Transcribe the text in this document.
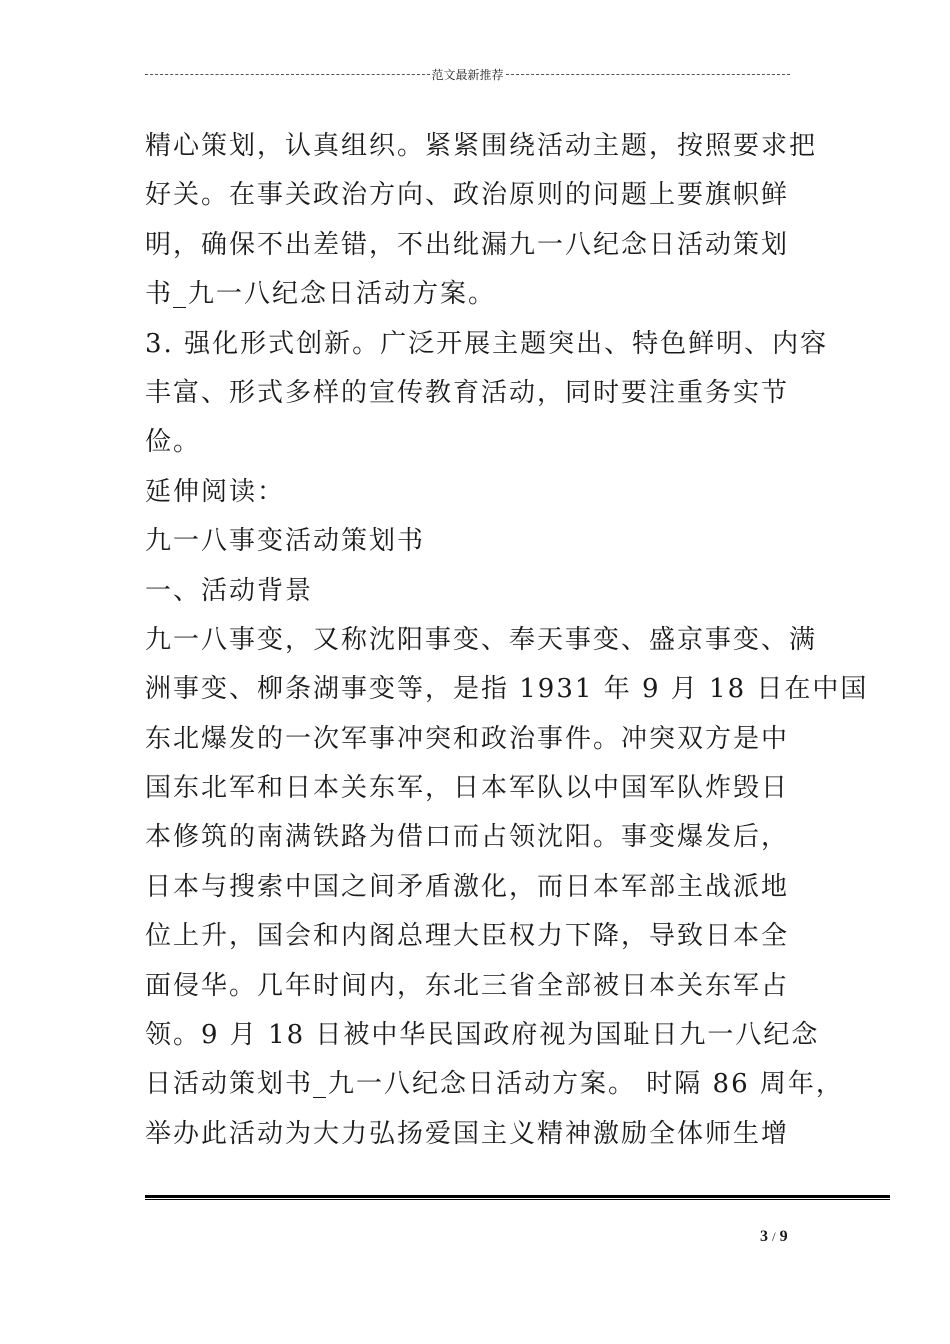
范文最新推荐
精心策划，认真组织。紧紧围绕活动主题，按照要求把
好关。在事关政治方向、政治原则的问题上要旗帜鲜
明，确保不出差错，不出纰漏九一八纪念日活动策划
书_九一八纪念日活动方案。
3. 强化形式创新。广泛开展主题突出、特色鲜明、内容
丰富、形式多样的宣传教育活动，同时要注重务实节
俭。
延伸阅读：
九一八事变活动策划书
一、活动背景
九一八事变，又称沈阳事变、奉天事变、盛京事变、满
洲事变、柳条湖事变等，是指 1931 年 9 月 18 日在中国
东北爆发的一次军事冲突和政治事件。冲突双方是中
国东北军和日本关东军，日本军队以中国军队炸毁日
本修筑的南满铁路为借口而占领沈阳。事变爆发后，
日本与搜索中国之间矛盾激化，而日本军部主战派地
位上升，国会和内阁总理大臣权力下降，导致日本全
面侵华。几年时间内，东北三省全部被日本关东军占
领。9 月 18 日被中华民国政府视为国耻日九一八纪念
日活动策划书_九一八纪念日活动方案。 时隔 86 周年，
举办此活动为大力弘扬爱国主义精神激励全体师生增
3 / 9
